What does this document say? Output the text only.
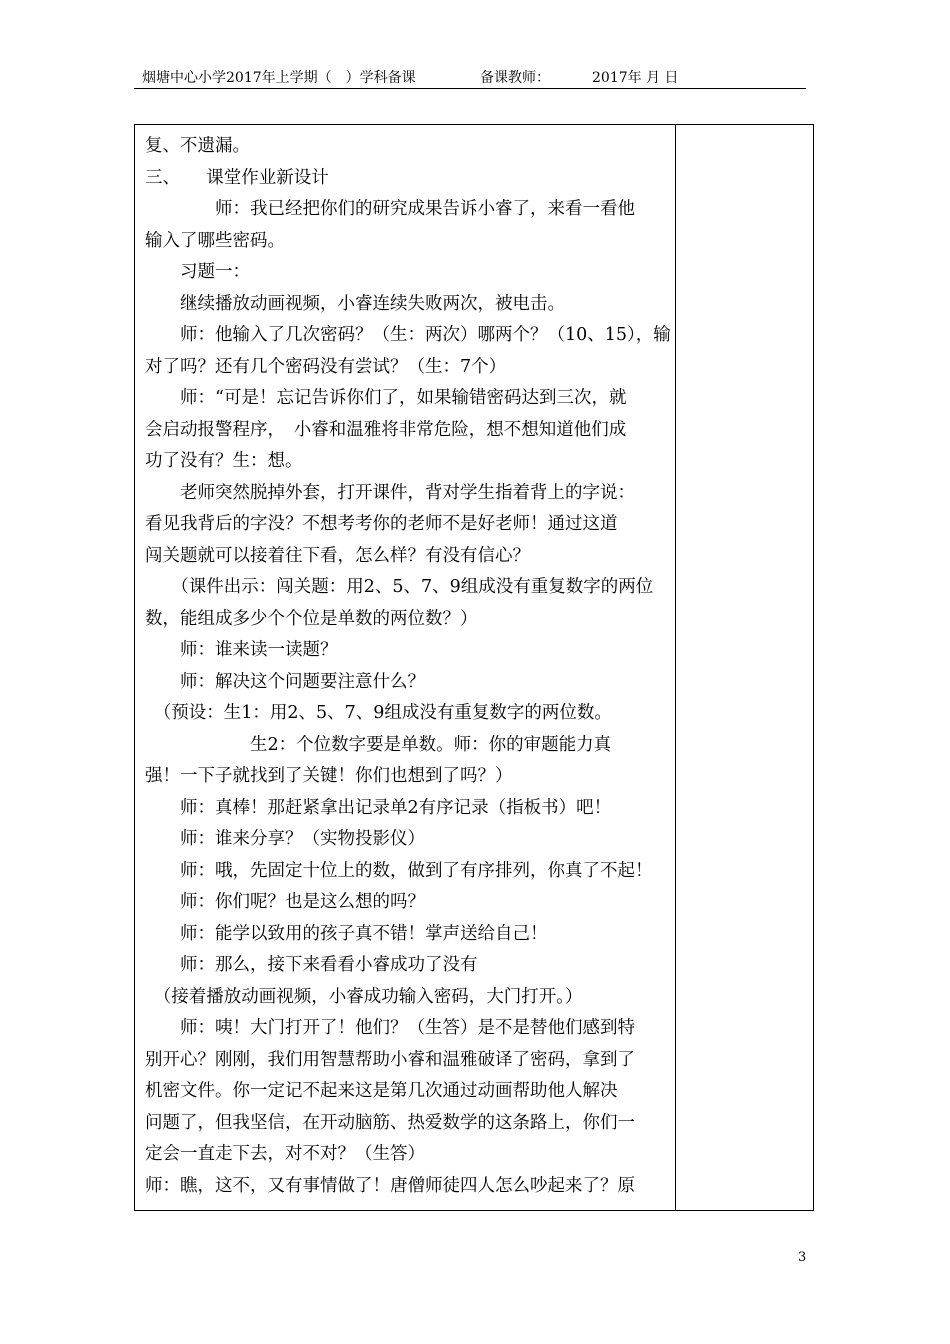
烟塘中心小学2017年上学期（　）学科备课	备课教师：	2017年 月 日
复、不遗漏。
三、　　课堂作业新设计
　　　　师：我已经把你们的研究成果告诉小睿了，来看一看他
输入了哪些密码。
　　习题一：
　　继续播放动画视频，小睿连续失败两次，被电击。
　　师：他输入了几次密码？（生：两次）哪两个？（10、15），输
对了吗？还有几个密码没有尝试？（生：7个）
　　师：“可是！忘记告诉你们了，如果输错密码达到三次，就
会启动报警程序，　小睿和温雅将非常危险，想不想知道他们成
功了没有？生：想。
　　老师突然脱掉外套，打开课件，背对学生指着背上的字说：
看见我背后的字没？不想考考你的老师不是好老师！通过这道
闯关题就可以接着往下看，怎么样？有没有信心？
　　（课件出示：闯关题：用2、5、7、9组成没有重复数字的两位
数，能组成多少个个位是单数的两位数？）
　　师：谁来读一读题？
　　师：解决这个问题要注意什么？
　（预设：生1：用2、5、7、9组成没有重复数字的两位数。
　　　　　　生2：个位数字要是单数。师：你的审题能力真
强！一下子就找到了关键！你们也想到了吗？）
　　师：真棒！那赶紧拿出记录单2有序记录（指板书）吧！
　　师：谁来分享？（实物投影仪）
　　师：哦，先固定十位上的数，做到了有序排列，你真了不起！
　　师：你们呢？也是这么想的吗？
　　师：能学以致用的孩子真不错！掌声送给自己！
　　师：那么，接下来看看小睿成功了没有
　（接着播放动画视频，小睿成功输入密码，大门打开。）
　　师：咦！大门打开了！他们？（生答）是不是替他们感到特
别开心？刚刚，我们用智慧帮助小睿和温雅破译了密码，拿到了
机密文件。你一定记不起来这是第几次通过动画帮助他人解决
问题了，但我坚信，在开动脑筋、热爱数学的这条路上，你们一
定会一直走下去，对不对？（生答）
师：瞧，这不，又有事情做了！唐僧师徒四人怎么吵起来了？原
3
